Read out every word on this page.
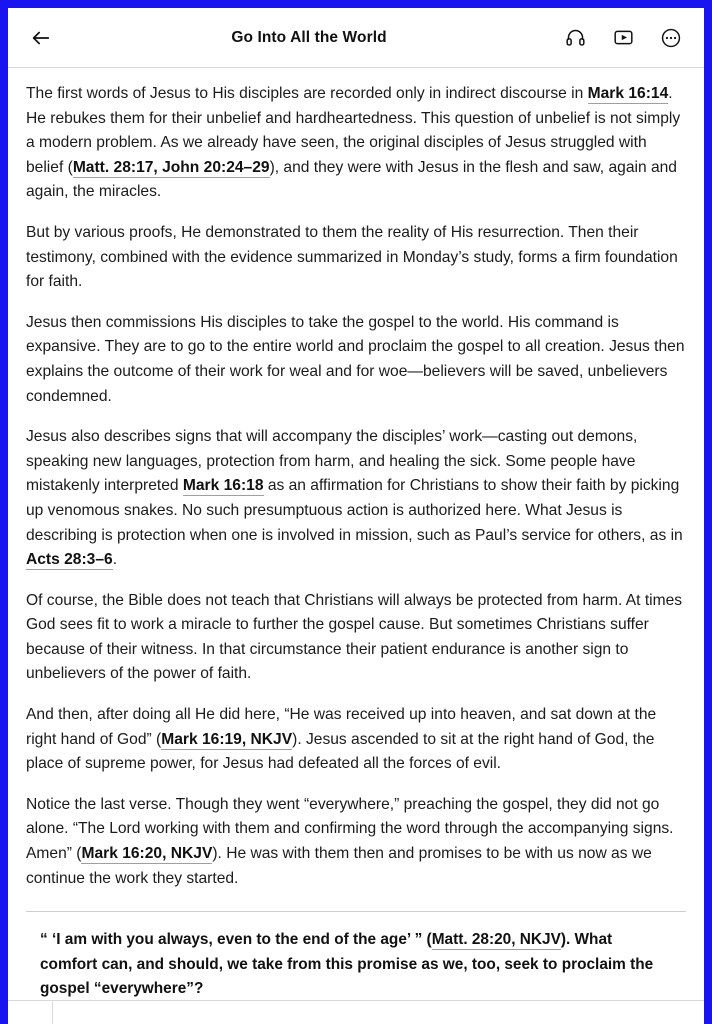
Go Into All the World

The first words of Jesus to His disciples are recorded only in indirect discourse in Mark 16:14. He rebukes them for their unbelief and hardheartedness. This question of unbelief is not simply a modern problem. As we already have seen, the original disciples of Jesus struggled with belief (Matt. 28:17, John 20:24–29), and they were with Jesus in the flesh and saw, again and again, the miracles.

But by various proofs, He demonstrated to them the reality of His resurrection. Then their testimony, combined with the evidence summarized in Monday’s study, forms a firm foundation for faith.

Jesus then commissions His disciples to take the gospel to the world. His command is expansive. They are to go to the entire world and proclaim the gospel to all creation. Jesus then explains the outcome of their work for weal and for woe—believers will be saved, unbelievers condemned.

Jesus also describes signs that will accompany the disciples’ work—casting out demons, speaking new languages, protection from harm, and healing the sick. Some people have mistakenly interpreted Mark 16:18 as an affirmation for Christians to show their faith by picking up venomous snakes. No such presumptuous action is authorized here. What Jesus is describing is protection when one is involved in mission, such as Paul’s service for others, as in Acts 28:3–6.

Of course, the Bible does not teach that Christians will always be protected from harm. At times God sees fit to work a miracle to further the gospel cause. But sometimes Christians suffer because of their witness. In that circumstance their patient endurance is another sign to unbelievers of the power of faith.

And then, after doing all He did here, “He was received up into heaven, and sat down at the right hand of God” (Mark 16:19, NKJV). Jesus ascended to sit at the right hand of God, the place of supreme power, for Jesus had defeated all the forces of evil.

Notice the last verse. Though they went “everywhere,” preaching the gospel, they did not go alone. “The Lord working with them and confirming the word through the accompanying signs. Amen” (Mark 16:20, NKJV). He was with them then and promises to be with us now as we continue the work they started.

“ ‘I am with you always, even to the end of the age’ ” (Matt. 28:20, NKJV). What comfort can, and should, we take from this promise as we, too, seek to proclaim the gospel “everywhere”?
